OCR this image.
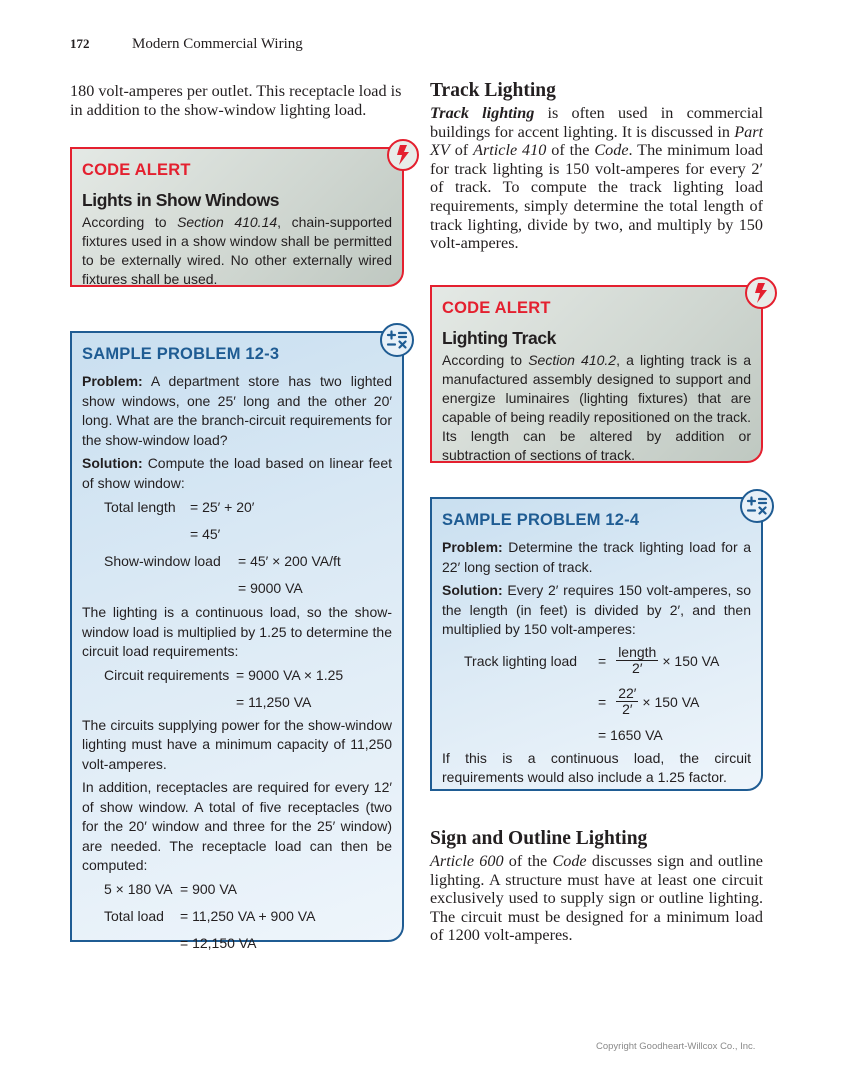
172	Modern Commercial Wiring

180 volt-amperes per outlet. This receptacle load is in addition to the show-window lighting load.

CODE ALERT
Lights in Show Windows

According to Section 410.14, chain-supported fixtures used in a show window shall be permitted to be externally wired. No other externally wired fixtures shall be used.

SAMPLE PROBLEM 12-3

Problem: A department store has two lighted show windows, one 25′ long and the other 20′ long. What are the branch-circuit requirements for the show-window load?

Solution: Compute the load based on linear feet of show window:

Total length	= 25′ + 20′
= 45′
Show-window load	= 45′ × 200 VA/ft
= 9000 VA

The lighting is a continuous load, so the show-window load is multiplied by 1.25 to determine the circuit load requirements:

Circuit requirements = 9000 VA × 1.25
= 11,250 VA

The circuits supplying power for the show-window lighting must have a minimum capacity of 11,250 volt-amperes.

In addition, receptacles are required for every 12′ of show window. A total of five receptacles (two for the 20′ window and three for the 25′ window) are needed. The receptacle load can then be computed:

5 × 180 VA = 900 VA
Total load	= 11,250 VA + 900 VA
= 12,150 VA
Track Lighting

Track lighting is often used in commercial buildings for accent lighting. It is discussed in Part XV of Article 410 of the Code. The minimum load for track lighting is 150 volt-amperes for every 2′ of track. To compute the track lighting load requirements, simply determine the total length of track lighting, divide by two, and multiply by 150 volt-amperes.

CODE ALERT
Lighting Track

According to Section 410.2, a lighting track is a manufactured assembly designed to support and energize luminaires (lighting fixtures) that are capable of being readily repositioned on the track. Its length can be altered by addition or subtraction of sections of track.

SAMPLE PROBLEM 12-4

Problem: Determine the track lighting load for a 22′ long section of track.

Solution: Every 2′ requires 150 volt-amperes, so the length (in feet) is divided by 2′, and then multiplied by 150 volt-amperes:

Track lighting load	= $\frac{\text{length}}{2'} \times 150$ VA
= $\frac{22'}{2'} \times 150$ VA
= 1650 VA

If this is a continuous load, the circuit requirements would also include a 1.25 factor.

Sign and Outline Lighting

Article 600 of the Code discusses sign and outline lighting. A structure must have at least one circuit exclusively used to supply sign or outline lighting. The circuit must be designed for a minimum load of 1200 volt-amperes.

Copyright Goodheart-Willcox Co., Inc.
